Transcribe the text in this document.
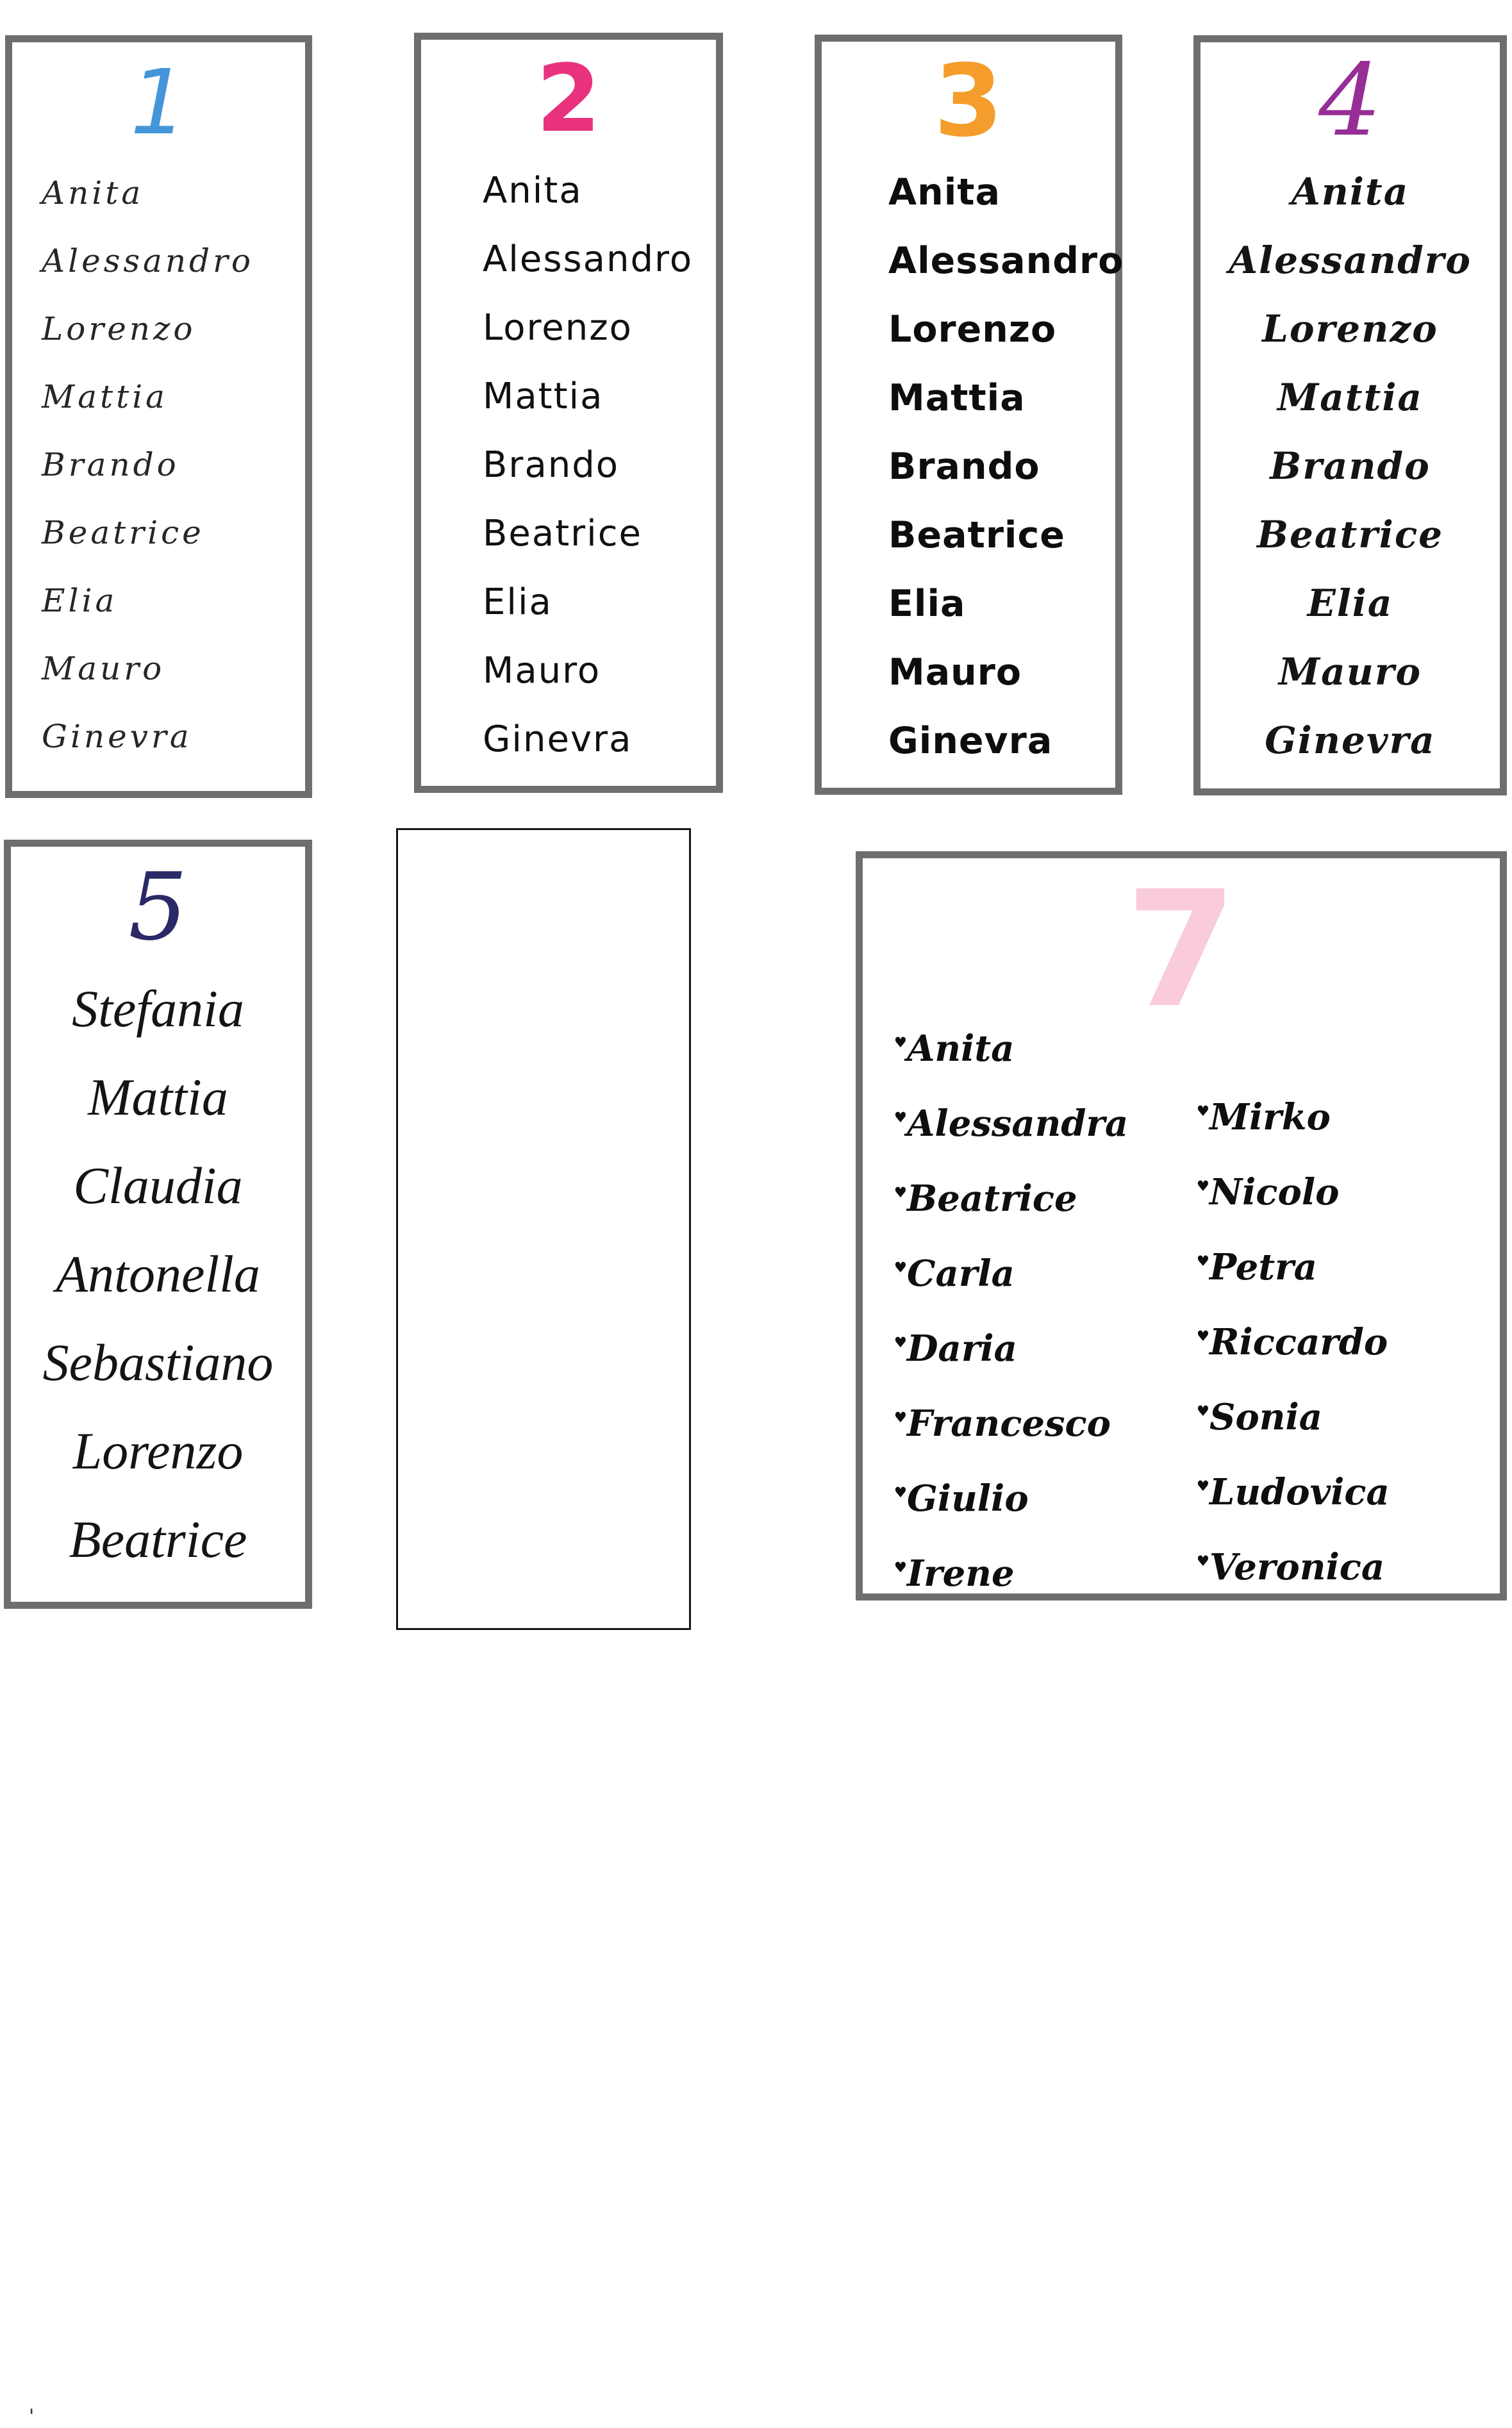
1
Anita
Alessandro
Lorenzo
Mattia
Brando
Beatrice
Elia
Mauro
Ginevra
2
Anita
Alessandro
Lorenzo
Mattia
Brando
Beatrice
Elia
Mauro
Ginevra
3
Anita
Alessandro
Lorenzo
Mattia
Brando
Beatrice
Elia
Mauro
Ginevra
4
Anita
Alessandro
Lorenzo
Mattia
Brando
Beatrice
Elia
Mauro
Ginevra
5
Stefania
Mattia
Claudia
Antonella
Sebastiano
Lorenzo
Beatrice
'
7
♥ Anita
♥ Alessandra
♥ Beatrice
♥ Carla
♥ Daria
♥ Francesco
♥ Giulio
♥ Irene
♥ Mirko
♥ Nicolo
♥ Petra
♥ Riccardo
♥ Sonia
♥ Ludovica
♥ Veronica
